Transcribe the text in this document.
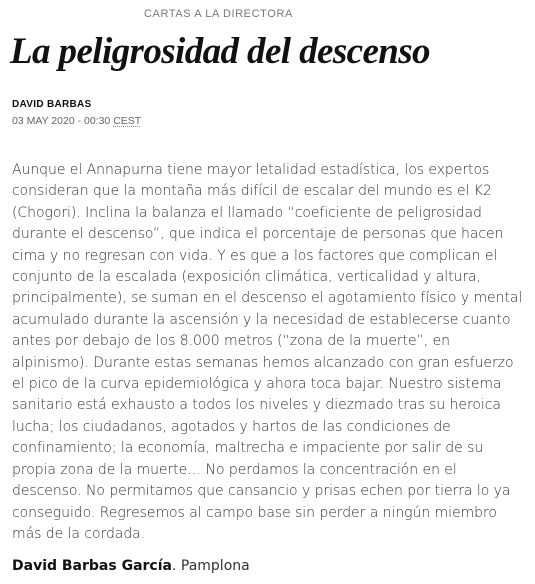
CARTAS A LA DIRECTORA
La peligrosidad del descenso
DAVID BARBAS
03 MAY 2020 - 00:30 CEST

Aunque el Annapurna tiene mayor letalidad estadística, los expertos consideran que la montaña más difícil de escalar del mundo es el K2 (Chogori). Inclina la balanza el llamado “coeficiente de peligrosidad durante el descenso”, que indica el porcentaje de personas que hacen cima y no regresan con vida. Y es que a los factores que complican el conjunto de la escalada (exposición climática, verticalidad y altura, principalmente), se suman en el descenso el agotamiento físico y mental acumulado durante la ascensión y la necesidad de establecerse cuanto antes por debajo de los 8.000 metros (“zona de la muerte”, en alpinismo). Durante estas semanas hemos alcanzado con gran esfuerzo el pico de la curva epidemiológica y ahora toca bajar. Nuestro sistema sanitario está exhausto a todos los niveles y diezmado tras su heroica lucha; los ciudadanos, agotados y hartos de las condiciones de confinamiento; la economía, maltrecha e impaciente por salir de su propia zona de la muerte… No perdamos la concentración en el descenso. No permitamos que cansancio y prisas echen por tierra lo ya conseguido. Regresemos al campo base sin perder a ningún miembro más de la cordada.

David Barbas García. Pamplona
